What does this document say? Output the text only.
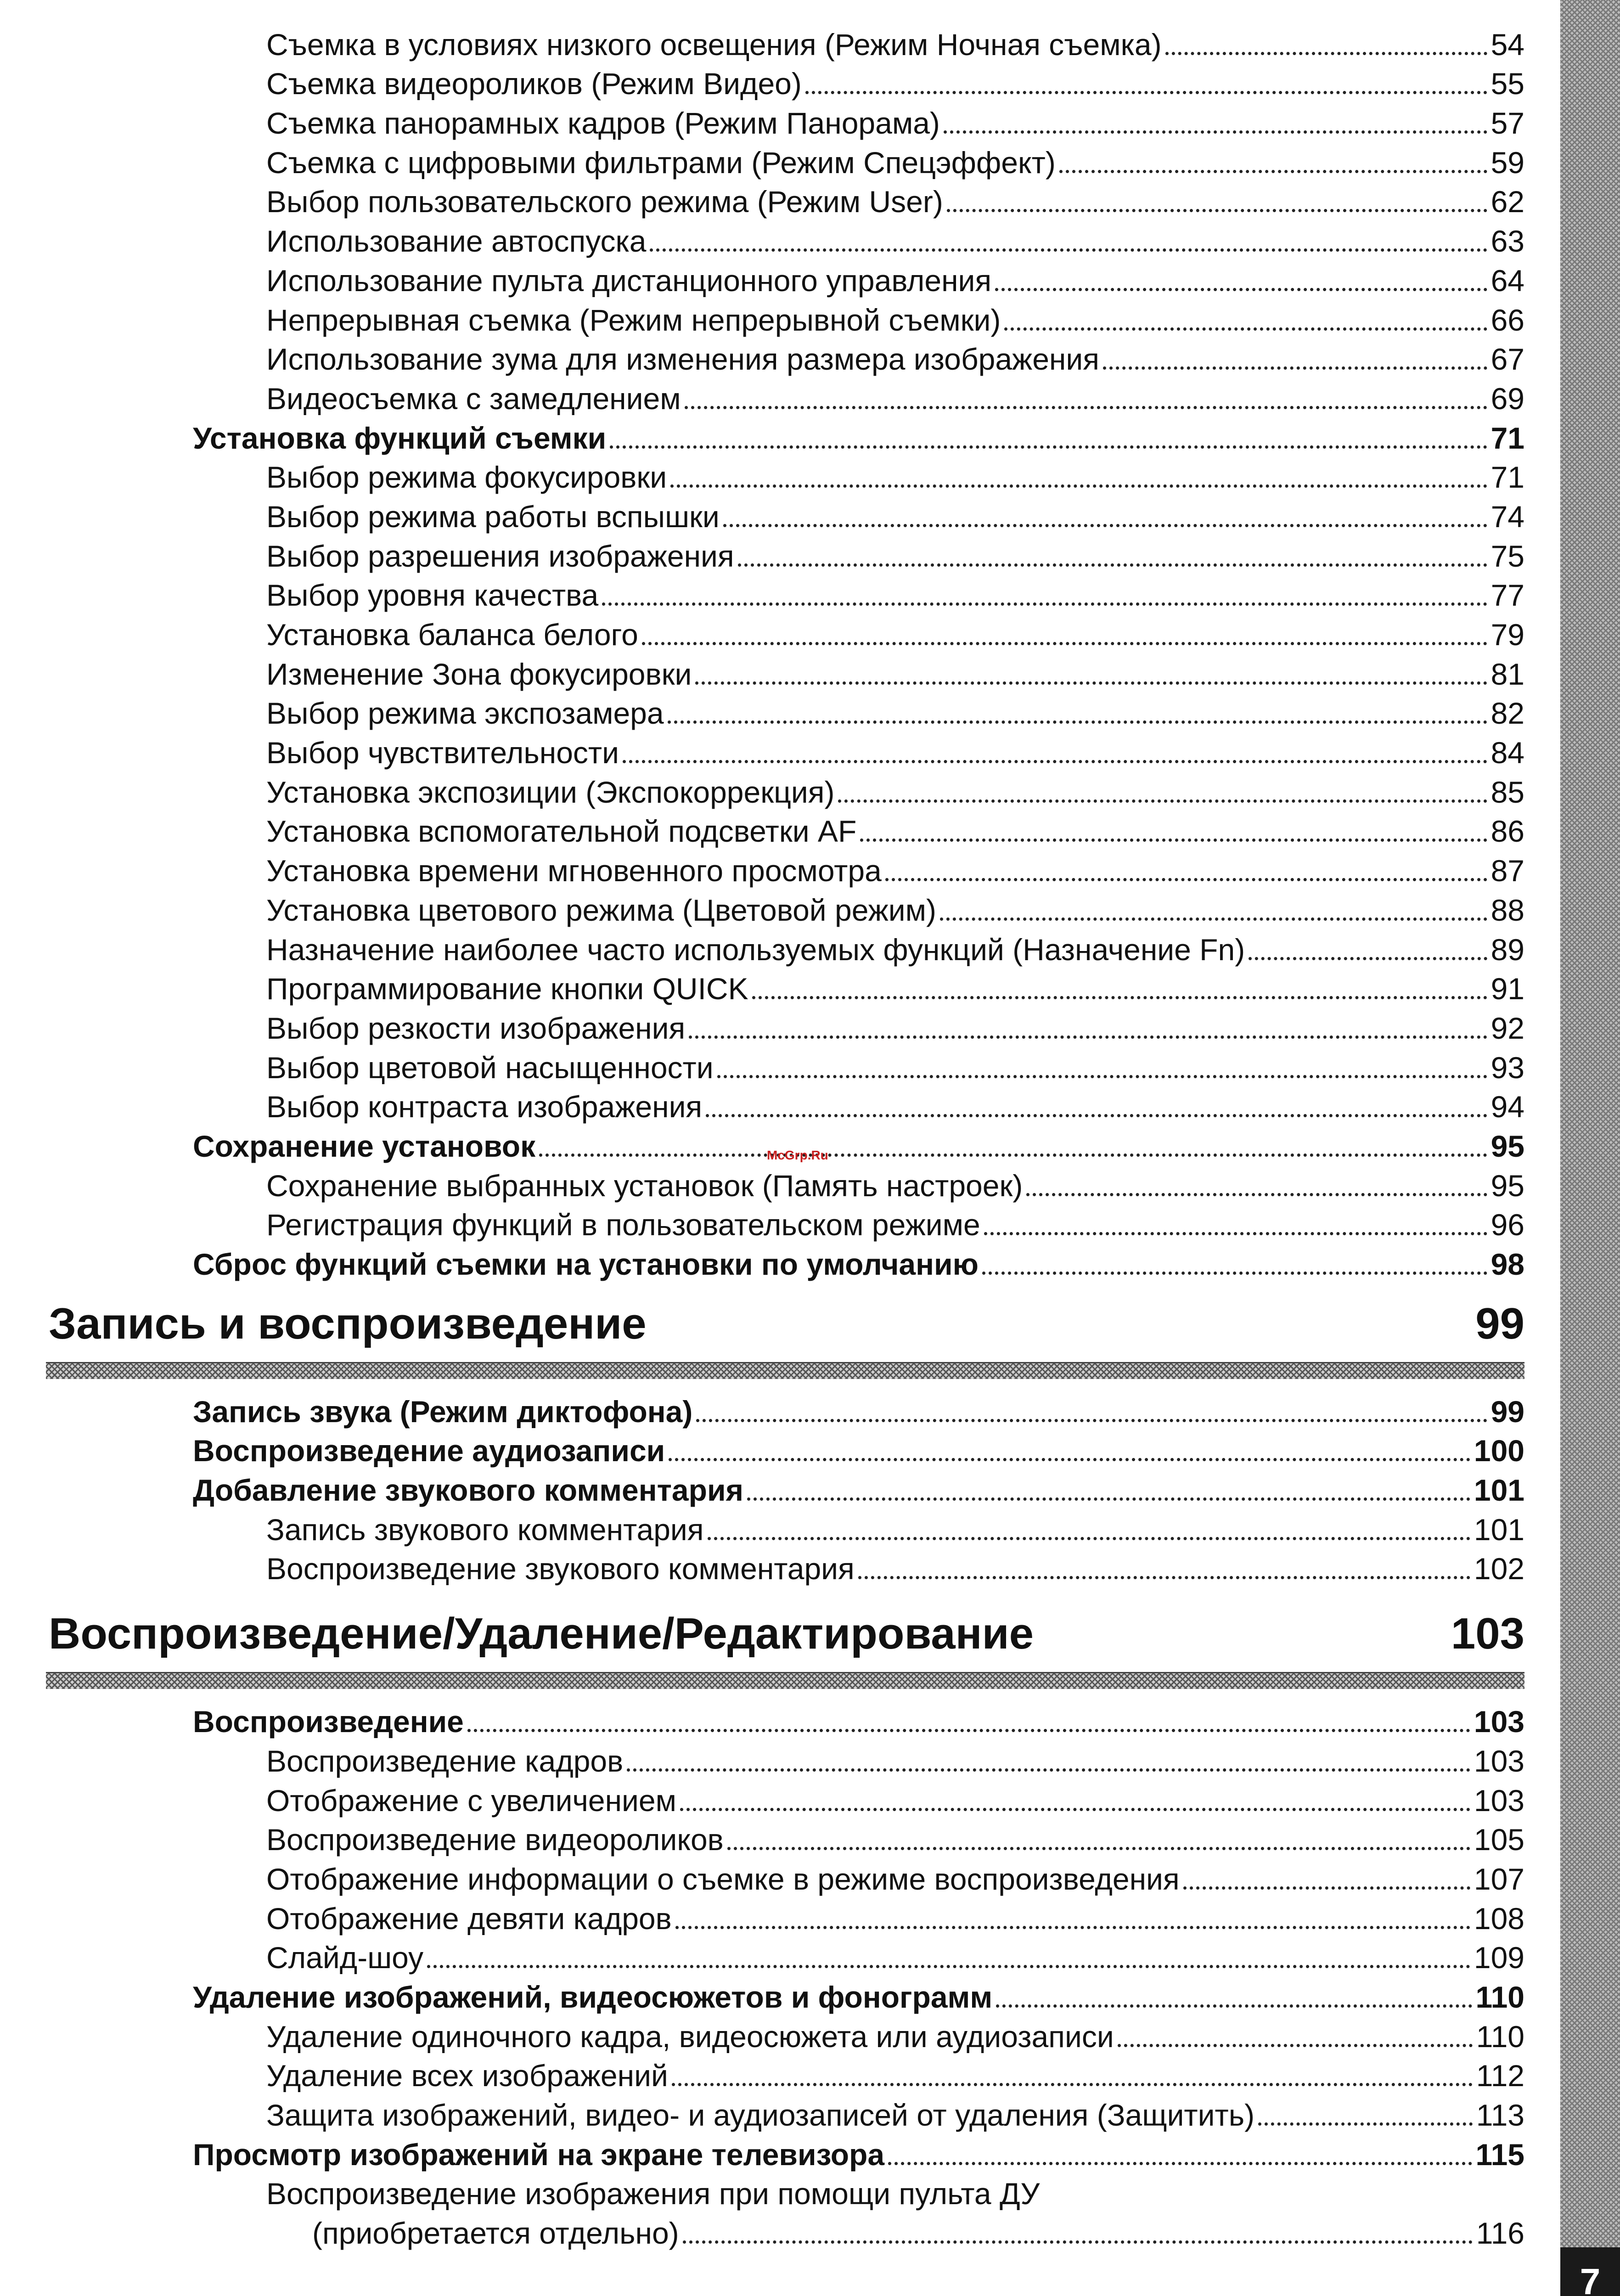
Съемка в условиях низкого освещения (Режим Ночная съемка)	54
Съемка видеороликов (Режим Видео)	55
Съемка панорамных кадров (Режим Панорама)	57
Съемка с цифровыми фильтрами (Режим Спецэффект)	59
Выбор пользовательского режима (Режим User)	62
Использование автоспуска	63
Использование пульта дистанционного управления	64
Непрерывная съемка (Режим непрерывной съемки)	66
Использование зума для изменения размера изображения	67
Видеосъемка с замедлением	69
Установка функций съемки	71
Выбор режима фокусировки	71
Выбор режима работы вспышки	74
Выбор разрешения изображения	75
Выбор уровня качества	77
Установка баланса белого	79
Изменение Зона фокусировки	81
Выбор режима экспозамера	82
Выбор чувствительности	84
Установка экспозиции (Экспокоррекция)	85
Установка вспомогательной подсветки AF	86
Установка времени мгновенного просмотра	87
Установка цветового режима (Цветовой режим)	88
Назначение наиболее часто используемых функций (Назначение Fn)	89
Программирование кнопки QUICK	91
Выбор резкости изображения	92
Выбор цветовой насыщенности	93
Выбор контраста изображения	94
Сохранение установок	95
Сохранение выбранных установок (Память настроек)	95
Регистрация функций в пользовательском режиме	96
Сброс функций съемки на установки по умолчанию	98
Запись и воспроизведение	99
Запись звука (Режим диктофона)	99
Воспроизведение аудиозаписи	100
Добавление звукового комментария	101
Запись звукового комментария	101
Воспроизведение звукового комментария	102
Воспроизведение/Удаление/Редактирование	103
Воспроизведение	103
Воспроизведение кадров	103
Отображение с увеличением	103
Воспроизведение видеороликов	105
Отображение информации о съемке в режиме воспроизведения	107
Отображение девяти кадров	108
Слайд-шоу	109
Удаление изображений, видеосюжетов и фонограмм	110
Удаление одиночного кадра, видеосюжета или аудиозаписи	110
Удаление всех изображений	112
Защита изображений, видео- и аудиозаписей от удаления (Защитить)	113
Просмотр изображений на экране телевизора	115
Воспроизведение изображения при помощи пульта ДУ
(приобретается отдельно)	116
McGrp.Ru
7
